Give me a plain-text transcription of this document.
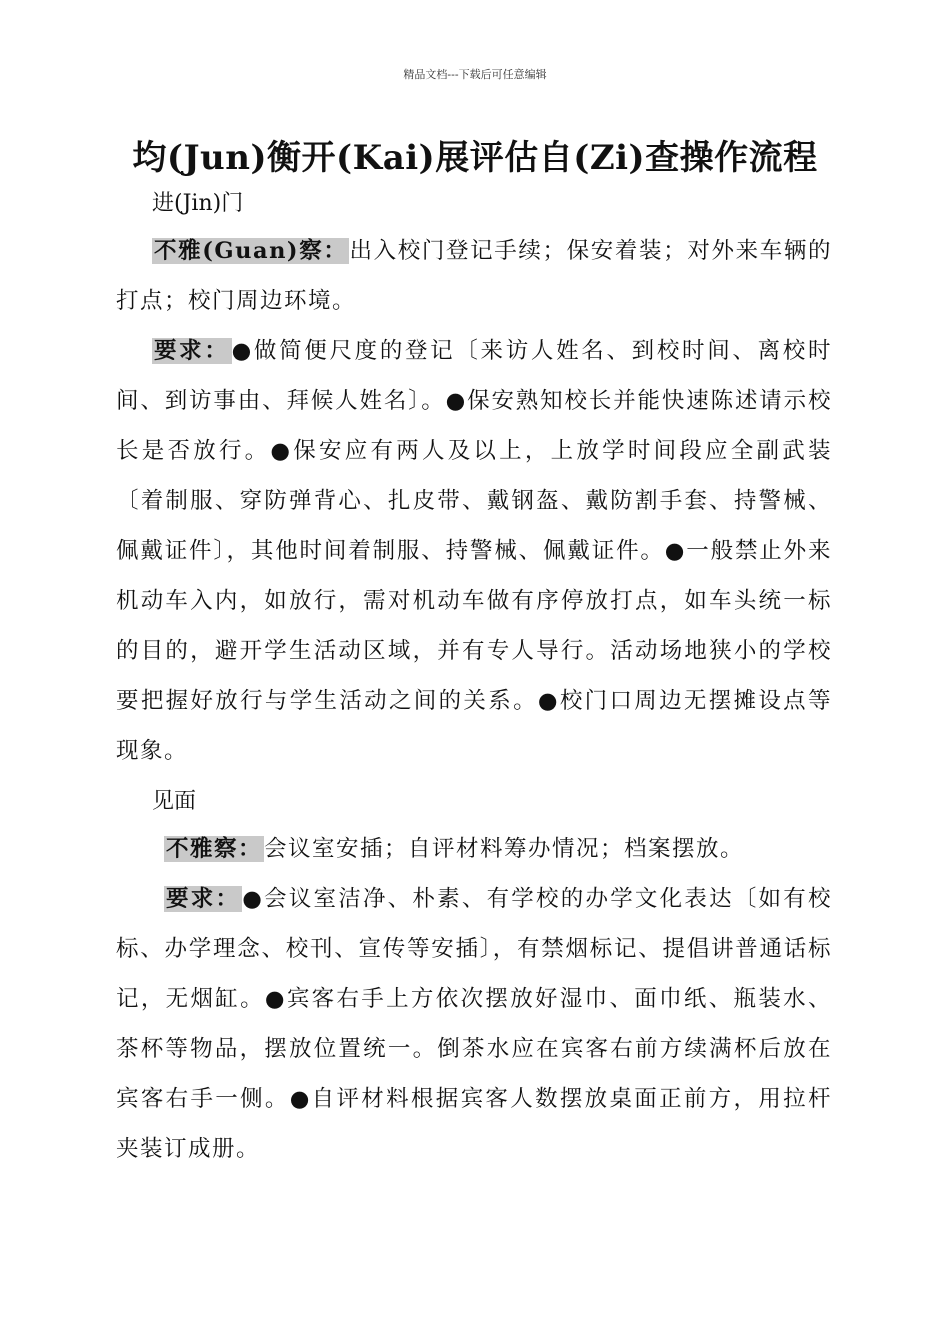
精品文档---下载后可任意编辑
均(Jun)衡开(Kai)展评估自(Zi)查操作流程
进(Jin)门
不雅(Guan)察：出入校门登记手续；保安着装；对外来车辆的打点；校门周边环境。
要求：●做简便尺度的登记〔来访人姓名、到校时间、离校时间、到访事由、拜候人姓名〕。●保安熟知校长并能快速陈述请示校长是否放行。●保安应有两人及以上，上放学时间段应全副武装〔着制服、穿防弹背心、扎皮带、戴钢盔、戴防割手套、持警械、佩戴证件〕，其他时间着制服、持警械、佩戴证件。●一般禁止外来机动车入内，如放行，需对机动车做有序停放打点，如车头统一标的目的，避开学生活动区域，并有专人导行。活动场地狭小的学校要把握好放行与学生活动之间的关系。●校门口周边无摆摊设点等现象。
见面
不雅察：会议室安插；自评材料筹办情况；档案摆放。
要求：●会议室洁净、朴素、有学校的办学文化表达〔如有校标、办学理念、校刊、宣传等安插〕，有禁烟标记、提倡讲普通话标记，无烟缸。●宾客右手上方依次摆放好湿巾、面巾纸、瓶装水、茶杯等物品，摆放位置统一。倒茶水应在宾客右前方续满杯后放在宾客右手一侧。●自评材料根据宾客人数摆放桌面正前方，用拉杆夹装订成册。
